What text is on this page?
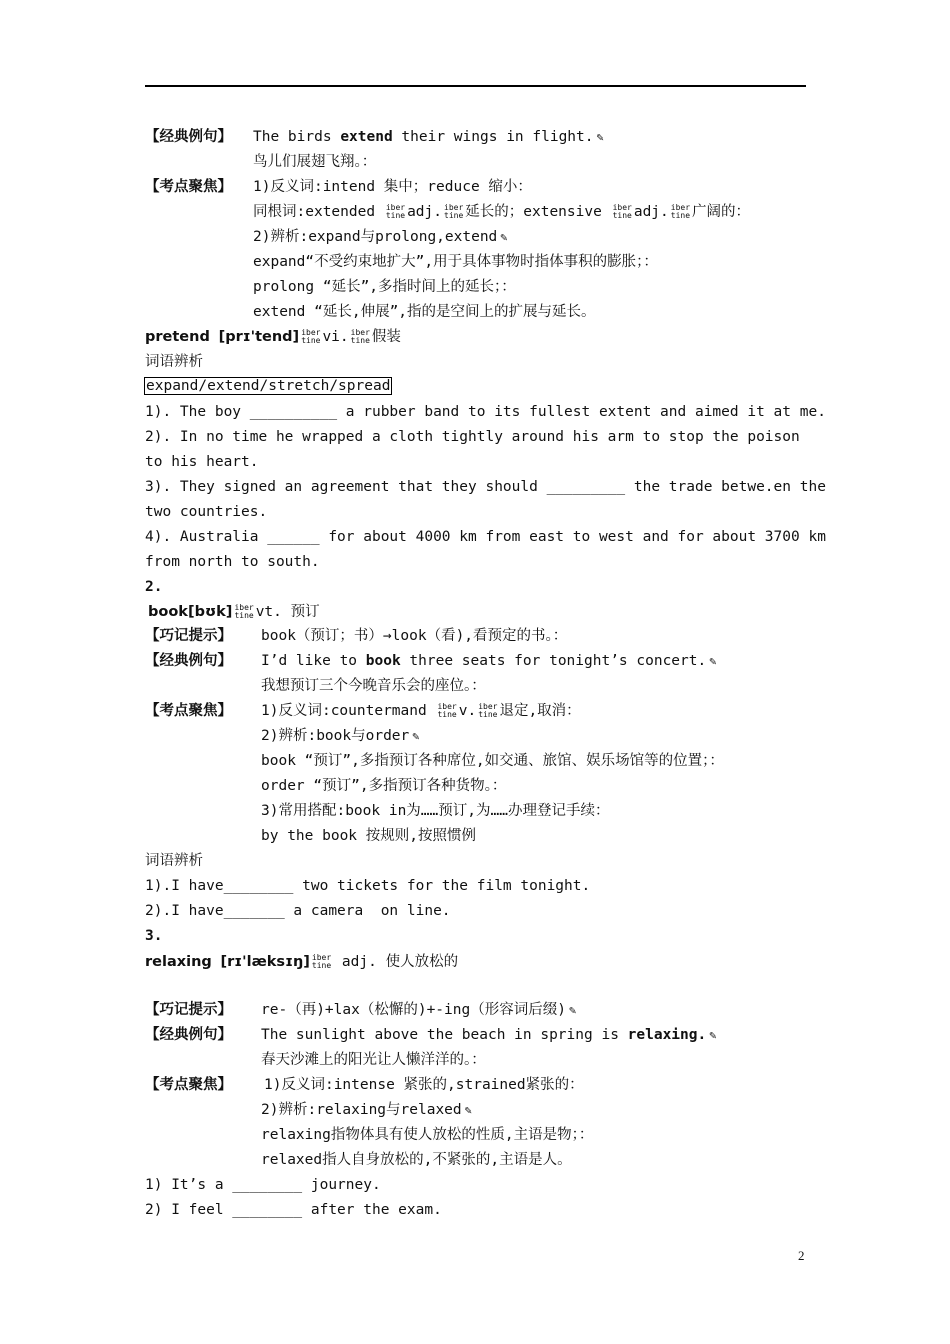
【经典例句】 The birds extend their wings in flight. ✎
鸟儿们展翅飞翔。：
【考点聚焦】 1)反义词:intend 集中；reduce 缩小：
同根词:extended iber
tine adj. iber
tine 延长的；extensive iber
tine adj. iber
tine 广阔的：
2)辨析:expand与prolong,extend ✎
expand“不受约束地扩大”,用于具体事物时指体事积的膨胀；：
prolong “延长”,多指时间上的延长；：
extend “延长,伸展”,指的是空间上的扩展与延长。
pretend [prɪ'tend] iber
tine vi. iber
tine 假装
词语辨析
expand/extend/stretch/spread
1). The boy __________ a rubber band to its fullest extent and aimed it at me.
2). In no time he wrapped a cloth tightly around his arm to stop the poison
to his heart.
3). They signed an agreement that they should _________ the trade betwe.en the
two countries.
4). Australia ______ for about 4000 km from east to west and for about 3700 km
from north to south.
2.
book[bʊk] iber
tine vt. 预订
【巧记提示】 book（预订；书）→look（看),看预定的书。：
【经典例句】 I’d like to book three seats for tonight’s concert. ✎
我想预订三个今晚音乐会的座位。：
【考点聚焦】 1)反义词:countermand iber
tine v. iber
tine 退定,取消：
2)辨析:book与order ✎
book “预订”,多指预订各种席位,如交通、旅馆、娱乐场馆等的位置；：
order “预订”,多指预订各种货物。：
3)常用搭配:book in为……预订,为……办理登记手续：
by the book 按规则,按照惯例
词语辨析
1).I have________ two tickets for the film tonight.
2).I have_______ a camera  on line.
3.
relaxing [rɪ'læksɪŋ] iber
tine adj. 使人放松的
【巧记提示】 re-（再)+lax（松懈的)+-ing（形容词后缀) ✎
【经典例句】 The sunlight above the beach in spring is relaxing. ✎
春天沙滩上的阳光让人懒洋洋的。：
【考点聚焦】 1)反义词:intense 紧张的,strained紧张的：
2)辨析:relaxing与relaxed ✎
relaxing指物体具有使人放松的性质,主语是物；：
relaxed指人自身放松的,不紧张的,主语是人。
1) It’s a ________ journey.
2) I feel ________ after the exam.
2
